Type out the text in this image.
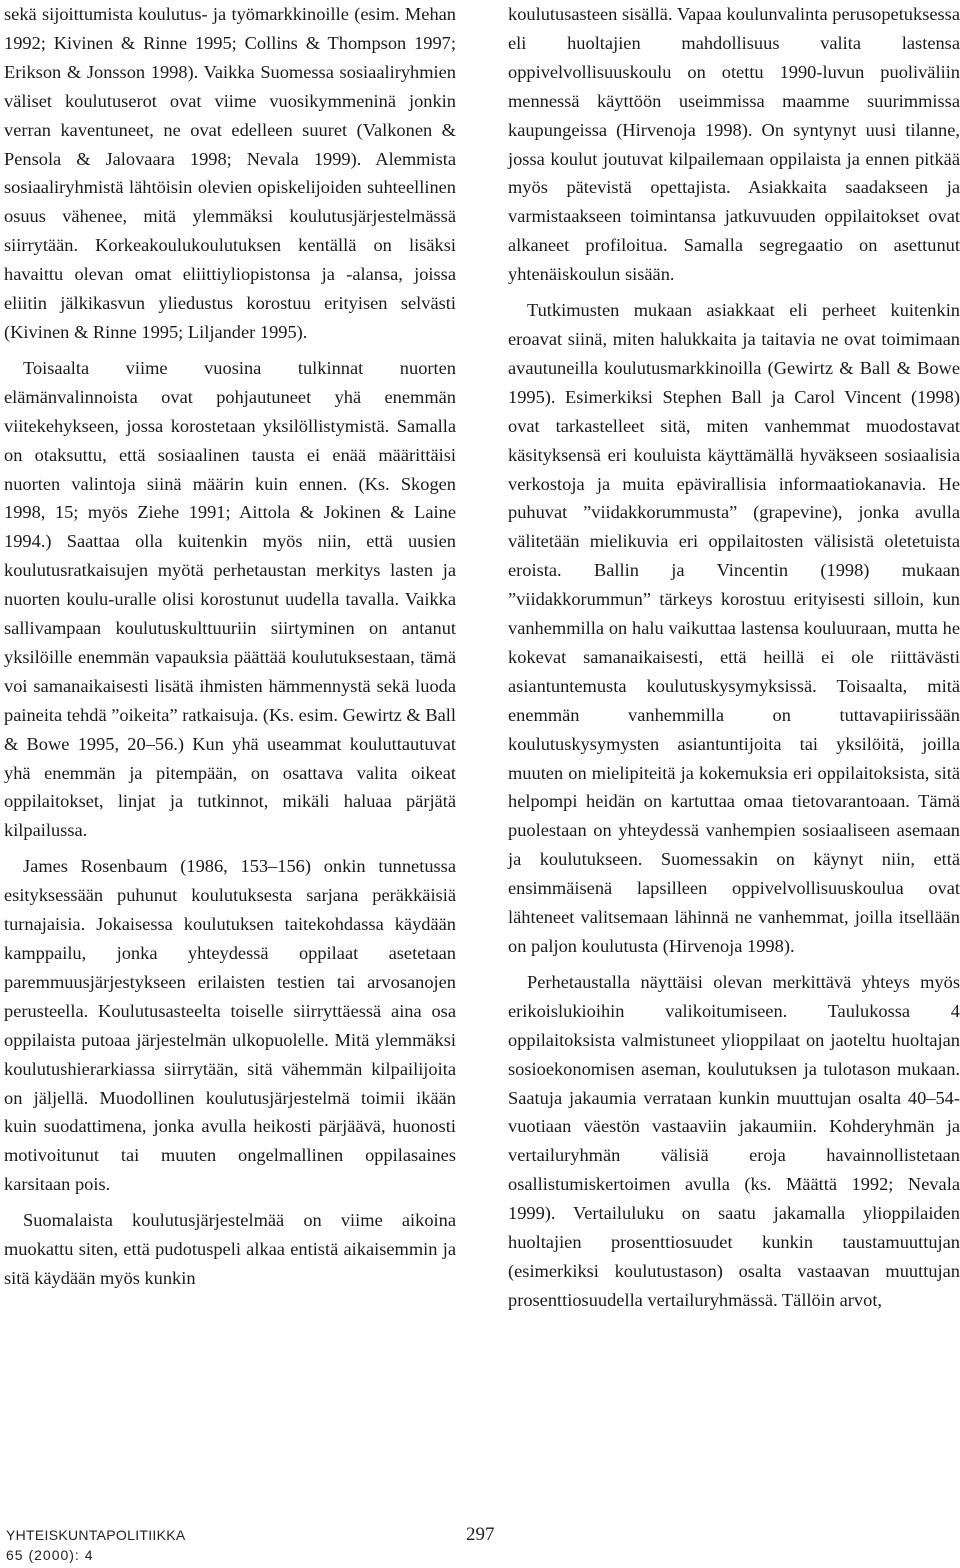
sekä sijoittumista koulutus- ja työmarkkinoille (esim. Mehan 1992; Kivinen & Rinne 1995; Collins & Thompson 1997; Erikson & Jonsson 1998). Vaikka Suomessa sosiaaliryhmien väliset koulutuserot ovat viime vuosikymmeninä jonkin verran kaventuneet, ne ovat edelleen suuret (Valkonen & Pensola & Jalovaara 1998; Nevala 1999). Alemmista sosiaaliryhmistä lähtöisin olevien opiskelijoiden suhteellinen osuus vähenee, mitä ylemmäksi koulutusjärjestelmässä siirrytään. Korkeakoulukoulutuksen kentällä on lisäksi havaittu olevan omat eliittiyliopistonsa ja -alansa, joissa eliitin jälkikasvun yliedustus korostuu erityisen selvästi (Kivinen & Rinne 1995; Liljander 1995).

Toisaalta viime vuosina tulkinnat nuorten elämänvalinnoista ovat pohjautuneet yhä enemmän viitekehykseen, jossa korostetaan yksilöllistymistä. Samalla on otaksuttu, että sosiaalinen tausta ei enää määrittäisi nuorten valintoja siinä määrin kuin ennen. (Ks. Skogen 1998, 15; myös Ziehe 1991; Aittola & Jokinen & Laine 1994.) Saattaa olla kuitenkin myös niin, että uusien koulutusratkaisujen myötä perhetaustan merkitys lasten ja nuorten koulu-uralle olisi korostunut uudella tavalla. Vaikka sallivampaan koulutuskulttuuriin siirtyminen on antanut yksilöille enemmän vapauksia päättää koulutuksestaan, tämä voi samanaikaisesti lisätä ihmisten hämmennystä sekä luoda paineita tehdä ”oikeita” ratkaisuja. (Ks. esim. Gewirtz & Ball & Bowe 1995, 20–56.) Kun yhä useammat kouluttautuvat yhä enemmän ja pitempään, on osattava valita oikeat oppilaitokset, linjat ja tutkinnot, mikäli haluaa pärjätä kilpailussa.

James Rosenbaum (1986, 153–156) onkin tunnetussa esityksessään puhunut koulutuksesta sarjana peräkkäisiä turnajaisia. Jokaisessa koulutuksen taitekohdassa käydään kamppailu, jonka yhteydessä oppilaat asetetaan paremmuusjärjestykseen erilaisten testien tai arvosanojen perusteella. Koulutusasteelta toiselle siirryttäessä aina osa oppilaista putoaa järjestelmän ulkopuolelle. Mitä ylemmäksi koulutushierarkiassa siirrytään, sitä vähemmän kilpailijoita on jäljellä. Muodollinen koulutusjärjestelmä toimii ikään kuin suodattimena, jonka avulla heikosti pärjäävä, huonosti motivoitunut tai muuten ongelmallinen oppilasaines karsitaan pois.

Suomalaista koulutusjärjestelmää on viime aikoina muokattu siten, että pudotuspeli alkaa entistä aikaisemmin ja sitä käydään myös kunkin

koulutusasteen sisällä. Vapaa koulunvalinta perusopetuksessa eli huoltajien mahdollisuus valita lastensa oppivelvollisuuskoulu on otettu 1990-luvun puoliväliin mennessä käyttöön useimmissa maamme suurimmissa kaupungeissa (Hirvenoja 1998). On syntynyt uusi tilanne, jossa koulut joutuvat kilpailemaan oppilaista ja ennen pitkää myös pätevistä opettajista. Asiakkaita saadakseen ja varmistaakseen toimintansa jatkuvuuden oppilaitokset ovat alkaneet profiloitua. Samalla segregaatio on asettunut yhtenäiskoulun sisään.

Tutkimusten mukaan asiakkaat eli perheet kuitenkin eroavat siinä, miten halukkaita ja taitavia ne ovat toimimaan avautuneilla koulutusmarkkinoilla (Gewirtz & Ball & Bowe 1995). Esimerkiksi Stephen Ball ja Carol Vincent (1998) ovat tarkastelleet sitä, miten vanhemmat muodostavat käsityksensä eri kouluista käyttämällä hyväkseen sosiaalisia verkostoja ja muita epävirallisia informaatiokanavia. He puhuvat ”viidakkorummusta” (grapevine), jonka avulla välitetään mielikuvia eri oppilaitosten välisistä oletetuista eroista. Ballin ja Vincentin (1998) mukaan ”viidakkorummun” tärkeys korostuu erityisesti silloin, kun vanhemmilla on halu vaikuttaa lastensa kouluuraan, mutta he kokevat samanaikaisesti, että heillä ei ole riittävästi asiantuntemusta koulutuskysymyksissä. Toisaalta, mitä enemmän vanhemmilla on tuttavapiirissään koulutuskysymysten asiantuntijoita tai yksilöitä, joilla muuten on mielipiteitä ja kokemuksia eri oppilaitoksista, sitä helpompi heidän on kartuttaa omaa tietovarantoaan. Tämä puolestaan on yhteydessä vanhempien sosiaaliseen asemaan ja koulutukseen. Suomessakin on käynyt niin, että ensimmäisenä lapsilleen oppivelvollisuuskoulua ovat lähteneet valitsemaan lähinnä ne vanhemmat, joilla itsellään on paljon koulutusta (Hirvenoja 1998).

Perhetaustalla näyttäisi olevan merkittävä yhteys myös erikoislukioihin valikoitumiseen. Taulukossa 4 oppilaitoksista valmistuneet ylioppilaat on jaoteltu huoltajan sosioekonomisen aseman, koulutuksen ja tulotason mukaan. Saatuja jakaumia verrataan kunkin muuttujan osalta 40–54-vuotiaan väestön vastaaviin jakaumiin. Kohderyhmän ja vertailuryhmän välisiä eroja havainnollistetaan osallistumiskertoimen avulla (ks. Määttä 1992; Nevala 1999). Vertailuluku on saatu jakamalla ylioppilaiden huoltajien prosenttiosuudet kunkin taustamuuttujan (esimerkiksi koulutustason) osalta vastaavan muuttujan prosenttiosuudella vertailuryhmässä. Tällöin arvot,

YHTEISKUNTAPOLITIIKKA
65 (2000): 4
297
